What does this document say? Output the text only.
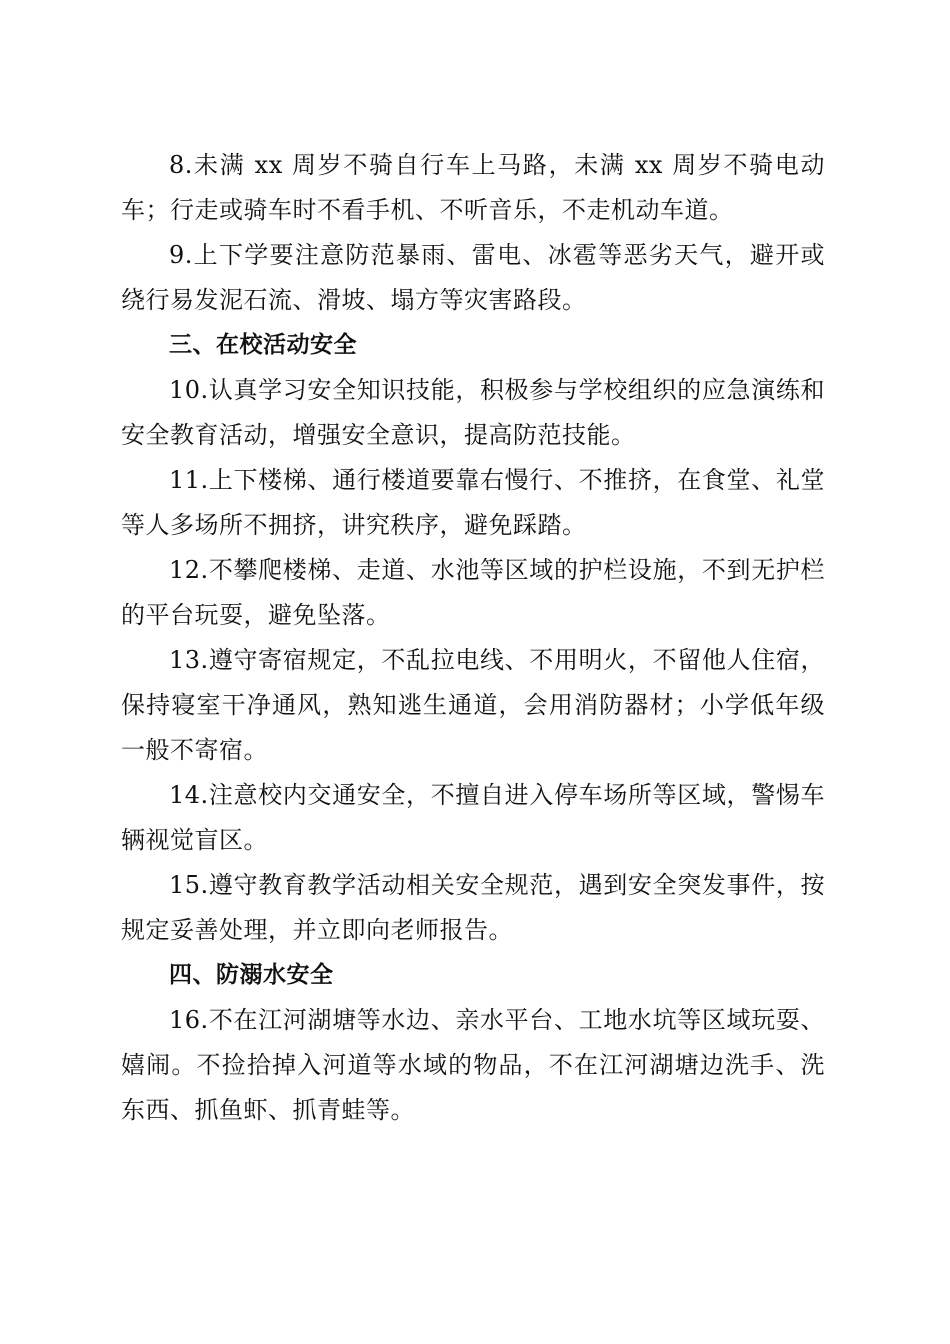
8.未满 xx 周岁不骑自行车上马路，未满 xx 周岁不骑电动车；行走或骑车时不看手机、不听音乐，不走机动车道。

9.上下学要注意防范暴雨、雷电、冰雹等恶劣天气，避开或绕行易发泥石流、滑坡、塌方等灾害路段。

三、在校活动安全

10.认真学习安全知识技能，积极参与学校组织的应急演练和安全教育活动，增强安全意识，提高防范技能。

11.上下楼梯、通行楼道要靠右慢行、不推挤，在食堂、礼堂等人多场所不拥挤，讲究秩序，避免踩踏。

12.不攀爬楼梯、走道、水池等区域的护栏设施，不到无护栏的平台玩耍，避免坠落。

13.遵守寄宿规定，不乱拉电线、不用明火，不留他人住宿，保持寝室干净通风，熟知逃生通道，会用消防器材；小学低年级一般不寄宿。

14.注意校内交通安全，不擅自进入停车场所等区域，警惕车辆视觉盲区。

15.遵守教育教学活动相关安全规范，遇到安全突发事件，按规定妥善处理，并立即向老师报告。

四、防溺水安全

16.不在江河湖塘等水边、亲水平台、工地水坑等区域玩耍、嬉闹。不捡拾掉入河道等水域的物品，不在江河湖塘边洗手、洗东西、抓鱼虾、抓青蛙等。
